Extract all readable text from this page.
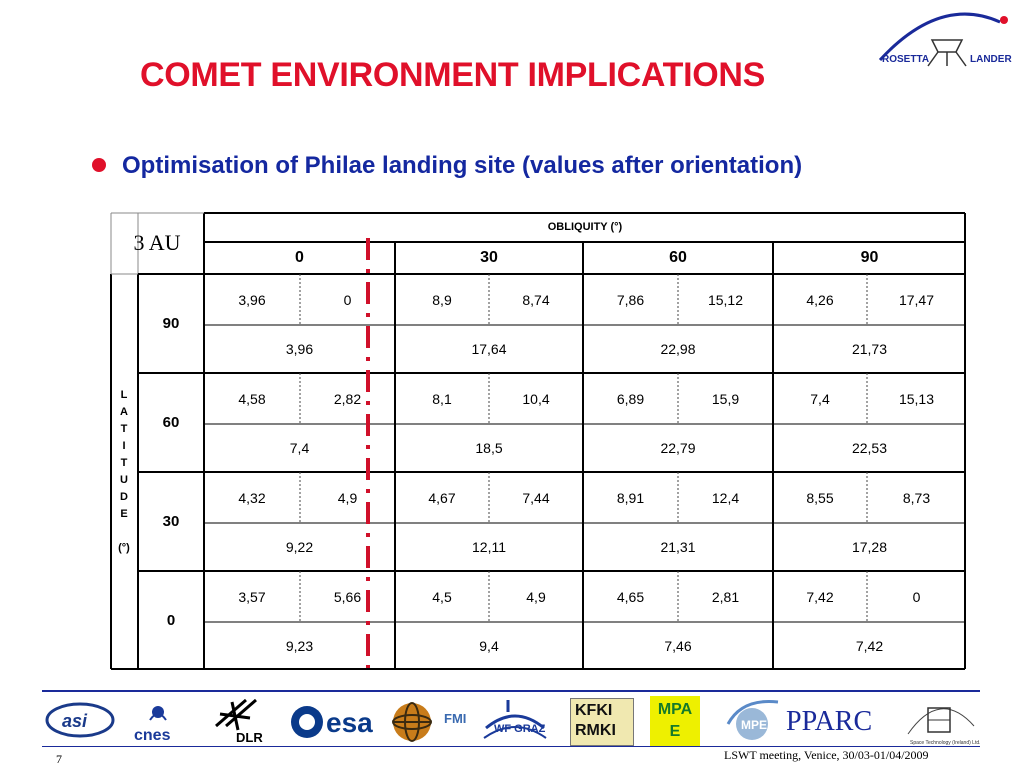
COMET ENVIRONMENT IMPLICATIONS	ROSETTA	LANDER
Optimisation of Philae landing site (values after orientation)
3 AU
OBLIQUITY (°)
L
A
T
I
T
U
D
E

(°)
0	30	60	90
90
3,96	0	8,9	8,74	7,86	15,12	4,26	17,47
3,96	17,64	22,98	21,73
60
4,58	2,82	8,1	10,4	6,89	15,9	7,4	15,13
7,4	18,5	22,79	22,53
30
4,32	4,9	4,67	7,44	8,91	12,4	8,55	8,73
9,22	12,11	21,31	17,28
0
3,57	5,66	4,5	4,9	4,65	2,81	7,42	0
9,23	9,4	7,46	7,42
asi
cnes	DLR esa	FMI
WF GRAZ
KFKI RMKI
MPAE	MPE PPARC
Space Technology (Ireland) Ltd.
7	LSWT meeting, Venice, 30/03-01/04/2009
